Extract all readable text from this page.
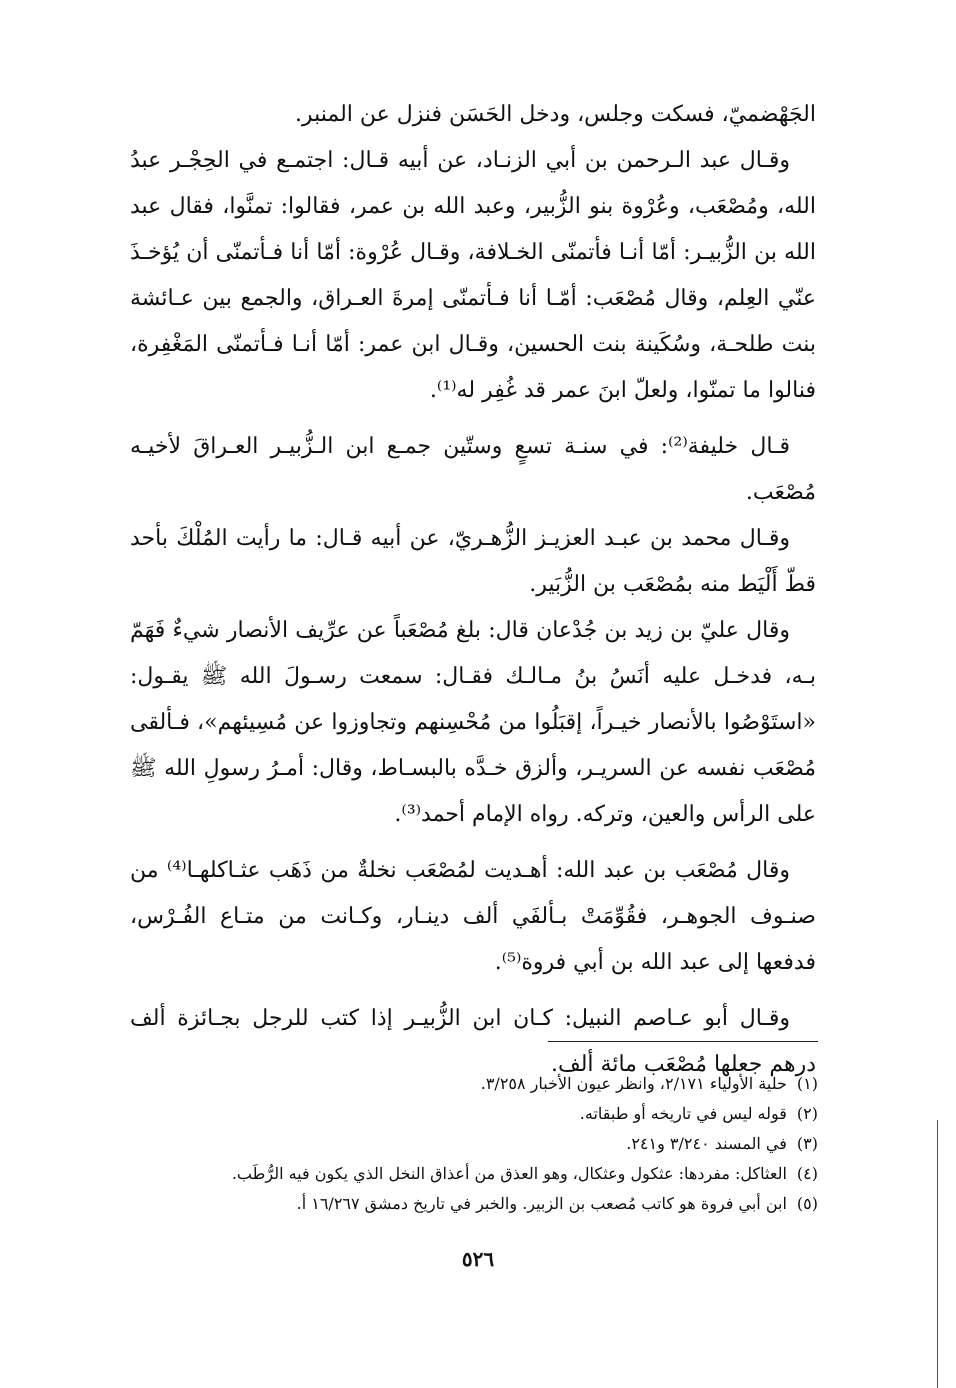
الجَهْضميّ، فسكت وجلس، ودخل الحَسَن فنزل عن المنبر.

وقـال عبد الـرحمن بن أبي الزنـاد، عن أبيه قـال: اجتمـع في الحِجْـر عبدُ الله، ومُصْعَب، وعُرْوة بنو الزُّبير، وعبد الله بن عمر، فقالوا: تمنَّوا، فقال عبد الله بن الزُّبيـر: أمّا أنـا فأتمنّى الخـلافة، وقـال عُرْوة: أمّا أنا فـأتمنّى أن يُؤخـذَ عنّي العِلم، وقال مُصْعَب: أمّـا أنا فـأتمنّى إمرةَ العـراق، والجمع بين عـائشة بنت طلحـة، وسُكَينة بنت الحسين، وقـال ابن عمر: أمّا أنـا فـأتمنّى المَغْفِرة، فنالوا ما تمنّوا، ولعلّ ابنَ عمر قد غُفِر له⁽¹⁾.

قـال خليفة⁽²⁾: في سنـة تسعٍ وستّين جمـع ابن الـزُّبيـر العـراقَ لأخيـه مُصْعَب.

وقـال محمد بن عبـد العزيـز الزُّهـريّ، عن أبيه قـال: ما رأيت المُلْكَ بأحد قطّ أَلْيَط منه بمُصْعَب بن الزُّبَير.

وقال عليّ بن زيد بن جُدْعان قال: بلغ مُصْعَباً عن عرِّيف الأنصار شيءٌ فَهَمّ بـه، فدخـل عليه أنَسُ بنُ مـالـك فقـال: سمعت رسـولَ الله ﷺ يقـول: «استَوْصُوا بالأنصار خيـراً، إقبَلُوا من مُحْسِنهم وتجاوزوا عن مُسِيئهم»، فـألقى مُصْعَب نفسه عن السريـر، وألزق خـدَّه بالبسـاط، وقال: أمـرُ رسولِ الله ﷺ على الرأس والعين، وتركه. رواه الإمام أحمد⁽³⁾.

وقال مُصْعَب بن عبد الله: أهـديت لمُصْعَب نخلةٌ من ذَهَب عثـاكلهـا⁽⁴⁾ من صنـوف الجوهـر، فقُوِّمَتْ بـألفَي ألف دينـار، وكـانت من متـاع الفُـرْس، فدفعها إلى عبد الله بن أبي فروة⁽⁵⁾.

وقـال أبو عـاصم النبيل: كـان ابن الزُّبيـر إذا كتب للرجل بجـائزة ألف درهم جعلها مُصْعَب مائة ألف.

(١)حلية الأولياء ٢/١٧١، وانظر عيون الأخبار ٣/٢٥٨.

(٢)قوله ليس في تاريخه أو طبقاته.

(٣)في المسند ٣/٢٤٠ و٢٤١.

(٤)العثاكل: مفردها: عثكول وعثكال، وهو العذق من أعذاق النخل الذي يكون فيه الرُّطَب.

(٥)ابن أبي فروة هو كاتب مُصعب بن الزبير. والخبر في تاريخ دمشق ١٦/٢٦٧ أ.

٥٢٦
